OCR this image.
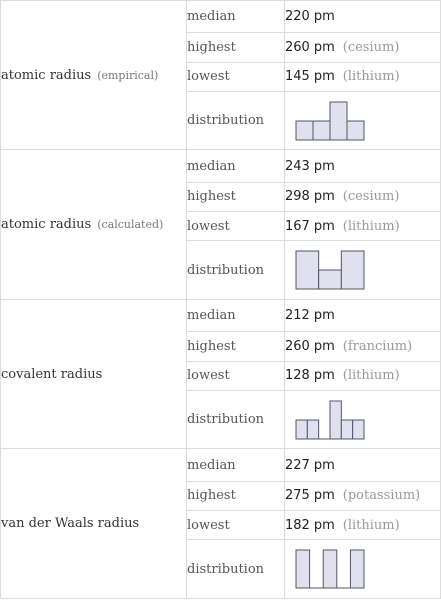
atomic radius (empirical)	median	220 pm
	highest	260 pm (cesium)
	lowest	145 pm (lithium)
	distribution	

atomic radius (calculated)	median	243 pm
	highest	298 pm (cesium)
	lowest	167 pm (lithium)
	distribution	

covalent radius	median	212 pm
	highest	260 pm (francium)
	lowest	128 pm (lithium)
	distribution	

van der Waals radius	median	227 pm
	highest	275 pm (potassium)
	lowest	182 pm (lithium)
	distribution	
